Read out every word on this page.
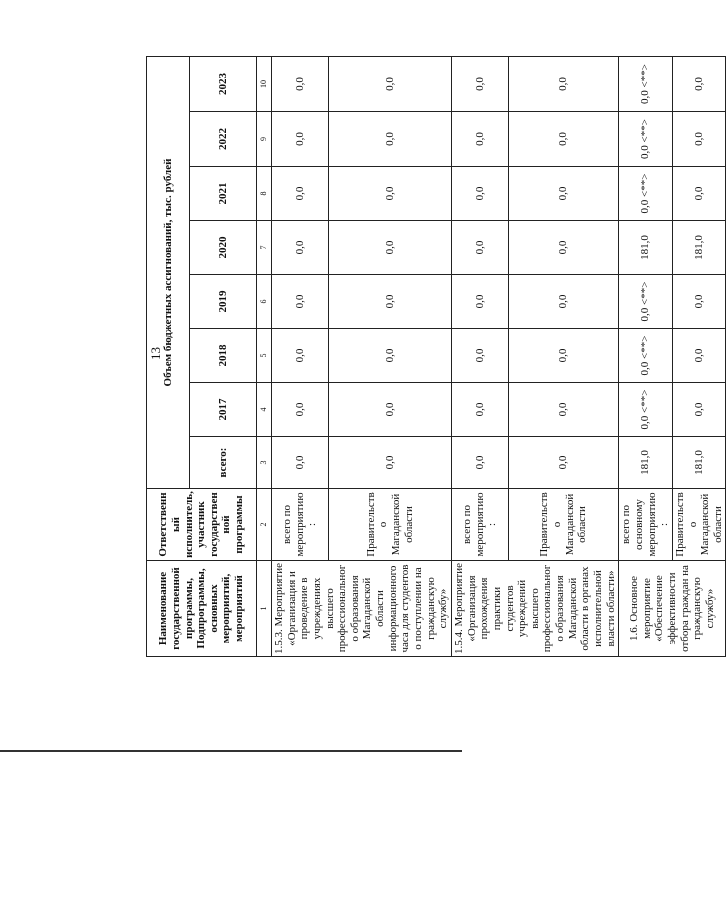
13
Наименование государственной программы, Подпрограммы, основных мероприятий, мероприятий	Ответственный исполнитель, участник государственной программы	Объем бюджетных ассигнований, тыс. рублей							
		всего:	2017	2018	2019	2020	2021	2022	2023
1	2	3	4	5	6	7	8	9	10
1.5.3. Мероприятие «Организация и проведение в учреждениях высшего профессионального образования Магаданской области информационного часа для студентов о поступлении на гражданскую службу»	всего по мероприятию:	0,0	0,0	0,0	0,0	0,0	0,0	0,0	0,0
	Правительство Магаданской области	0,0	0,0	0,0	0,0	0,0	0,0	0,0	0,0
1.5.4. Мероприятие «Организация прохождения практики студентов учреждений высшего профессионального образования Магаданской области в органах исполнительной власти области»	всего по мероприятию:	0,0	0,0	0,0	0,0	0,0	0,0	0,0	0,0
	Правительство Магаданской области	0,0	0,0	0,0	0,0	0,0	0,0	0,0	0,0
1.6. Основное мероприятие «Обеспечение эффективности отбора граждан на гражданскую службу»	всего по основному мероприятию:	181,0	0,0 <**>	0,0 <**>	0,0 <**>	181,0	0,0 <**>	0,0 <**>	0,0 <**>
	Правительство Магаданской области	181,0	0,0	0,0	0,0	181,0	0,0	0,0	0,0
